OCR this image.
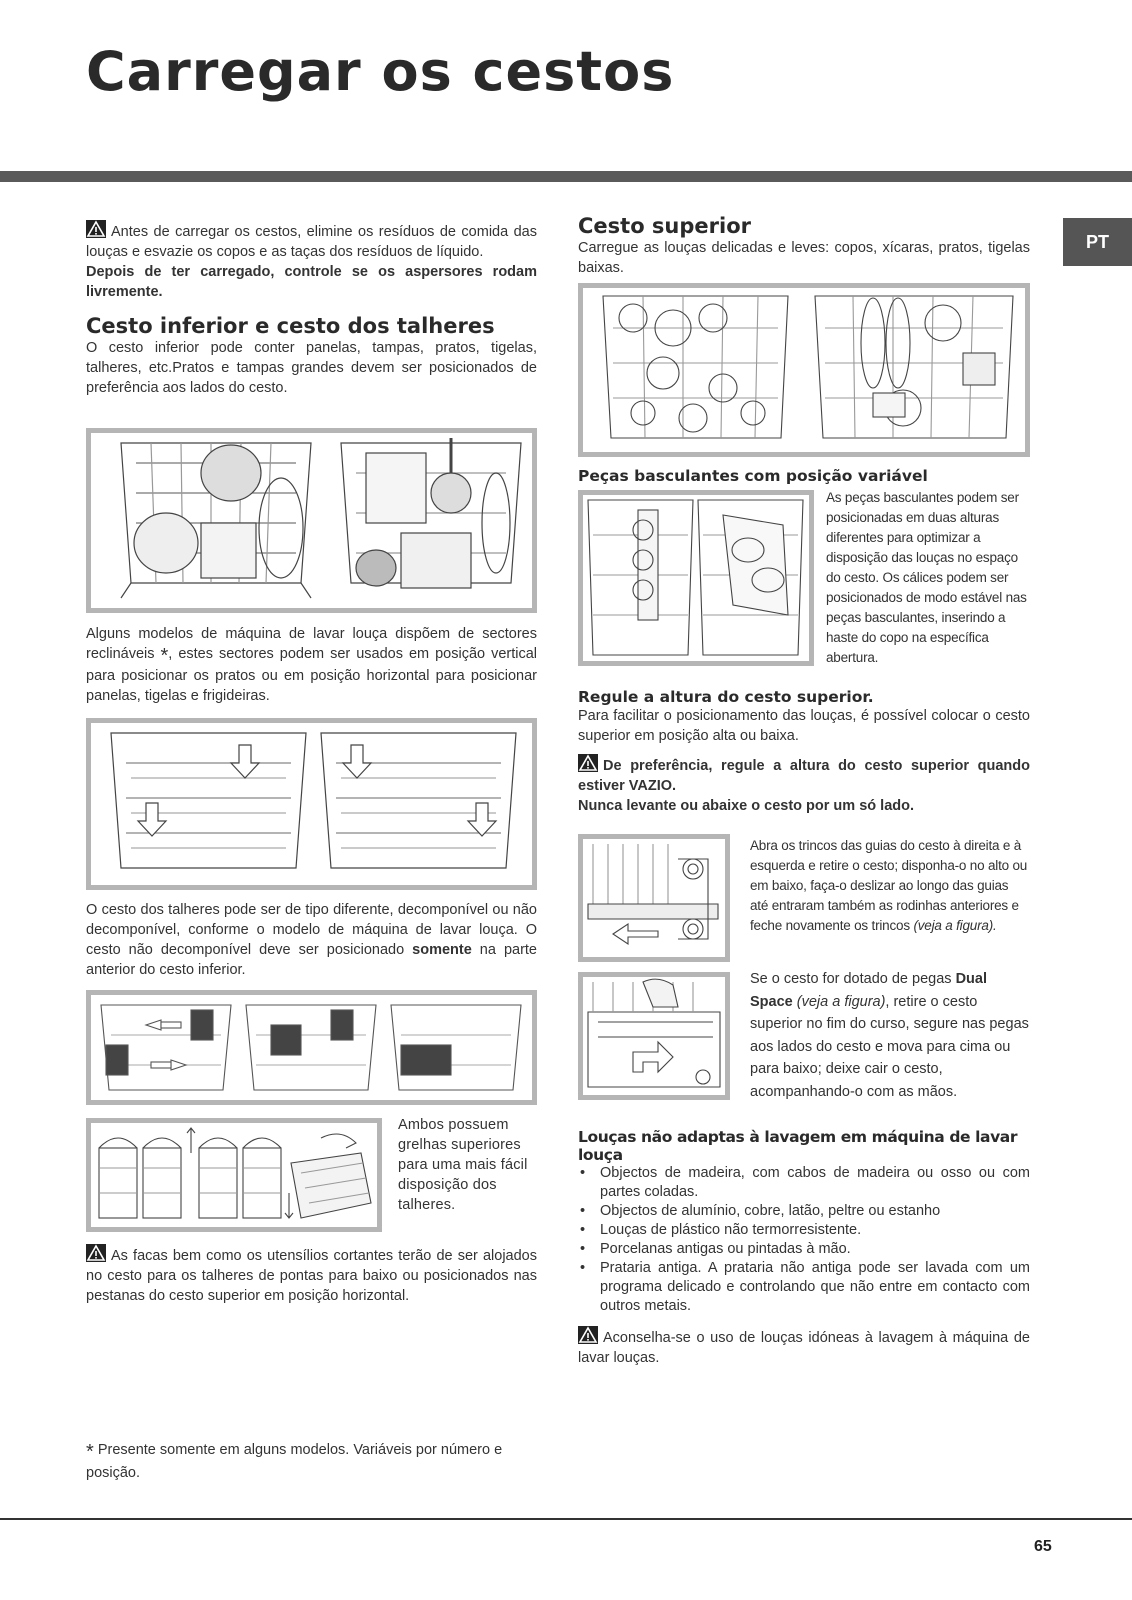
Carregar os cestos
PT

Antes de carregar os cestos, elimine os resíduos de comida das louças e esvazie os copos e as taças dos resíduos de líquido.

Depois de ter carregado, controle se os aspersores rodam livremente.

Cesto inferior e cesto dos talheres

O cesto inferior pode conter panelas, tampas, pratos, tigelas, talheres, etc.Pratos e tampas grandes devem ser posicionados de preferência aos lados do cesto.

Alguns modelos de máquina de lavar louça dispõem de sectores reclináveis *, estes sectores podem ser usados em posição vertical para posicionar os pratos ou em posição horizontal para posicionar panelas, tigelas e frigideiras.

O cesto dos talheres pode ser de tipo diferente, decomponível ou não decomponível, conforme o modelo de máquina de lavar louça. O cesto não decomponível deve ser posicionado somente na parte anterior do cesto inferior.

Ambos possuem grelhas superiores para uma mais fácil disposição dos talheres.

As facas bem como os utensílios cortantes terão de ser alojados no cesto para os talheres de pontas para baixo ou posicionados nas pestanas do cesto superior em posição horizontal.

* Presente somente em alguns modelos. Variáveis por número e posição.

Cesto superior

Carregue as louças delicadas e leves: copos, xícaras, pratos, tigelas baixas.

Peças basculantes com posição variável

As peças basculantes podem ser posicionadas em duas alturas diferentes para optimizar a disposição das louças no espaço do cesto. Os cálices podem ser posicionados de modo estável nas peças basculantes, inserindo a haste do copo na específica abertura.

Regule a altura do cesto superior.

Para facilitar o posicionamento das louças, é possível colocar o cesto superior em posição alta ou baixa.

De preferência, regule a altura do cesto superior quando estiver VAZIO.

Nunca levante ou abaixe o cesto por um só lado.

Abra os trincos das guias do cesto à direita e à esquerda e retire o cesto; disponha-o no alto ou em baixo, faça-o deslizar ao longo das guias até entraram também as rodinhas anteriores e feche novamente os trincos (veja a figura).

Se o cesto for dotado de pegas Dual Space (veja a figura), retire o cesto superior no fim do curso, segure nas pegas aos lados do cesto e mova para cima ou para baixo; deixe cair o cesto, acompanhando-o com as mãos.

Louças não adaptas à lavagem em máquina de lavar louça
• Objectos de madeira, com cabos de madeira ou osso ou com partes coladas.
• Objectos de alumínio, cobre, latão, peltre ou estanho
• Louças de plástico não termorresistente.
• Porcelanas antigas ou pintadas à mão.
• Prataria antiga. A prataria não antiga pode ser lavada com um programa delicado e controlando que não entre em contacto com outros metais.

Aconselha-se o uso de louças idóneas à lavagem à máquina de lavar louças.

65
